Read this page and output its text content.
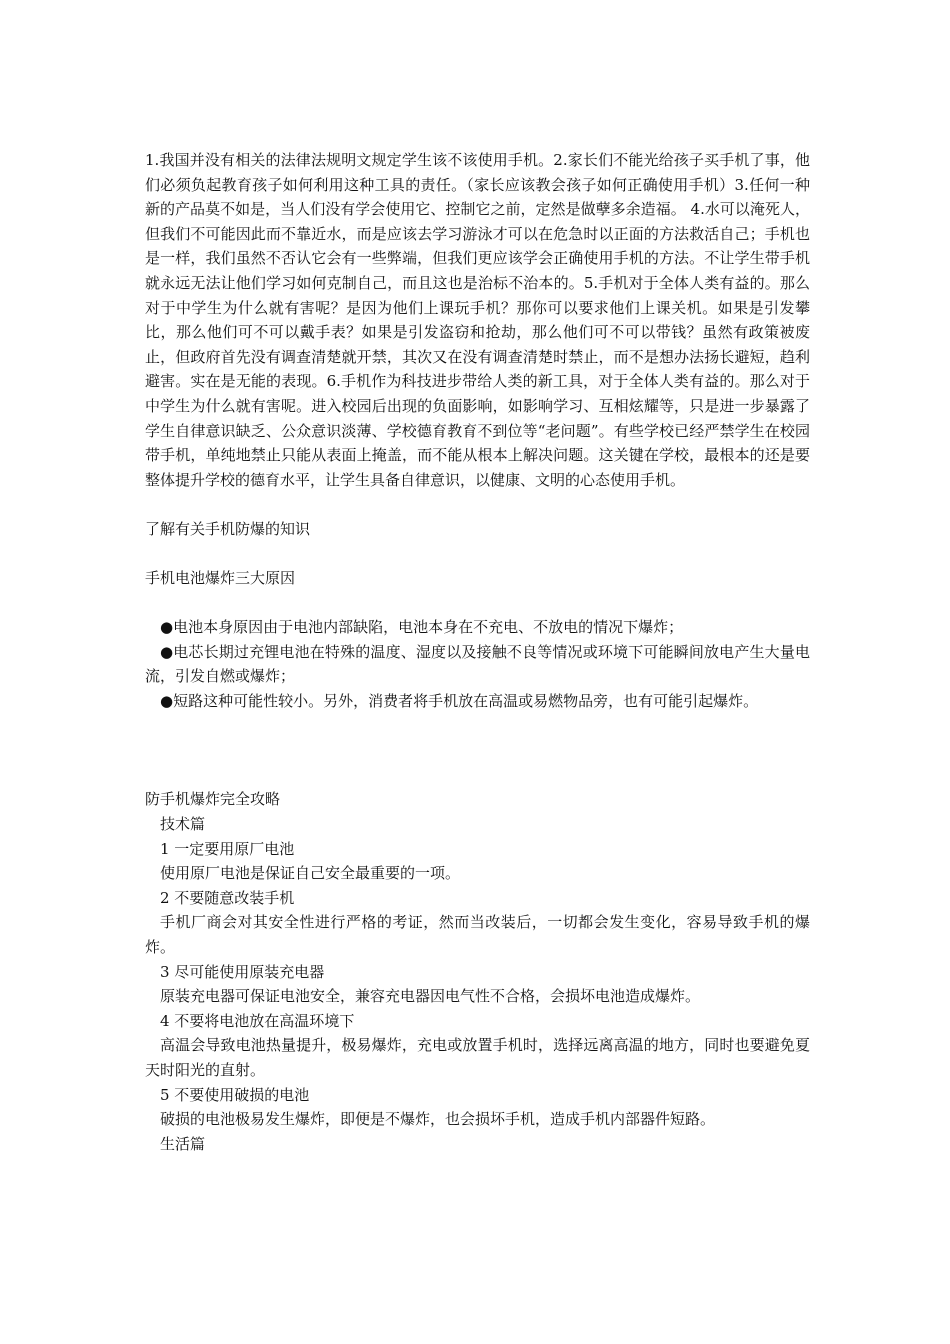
1.我国并没有相关的法律法规明文规定学生该不该使用手机。2.家长们不能光给孩子买手机了事，他们必须负起教育孩子如何利用这种工具的责任。（家长应该教会孩子如何正确使用手机）3.任何一种新的产品莫不如是，当人们没有学会使用它、控制它之前，定然是做孽多余造福。 4.水可以淹死人，但我们不可能因此而不靠近水，而是应该去学习游泳才可以在危急时以正面的方法救活自己；手机也是一样，我们虽然不否认它会有一些弊端，但我们更应该学会正确使用手机的方法。不让学生带手机就永远无法让他们学习如何克制自己，而且这也是治标不治本的。5.手机对于全体人类有益的。那么对于中学生为什么就有害呢？是因为他们上课玩手机？那你可以要求他们上课关机。如果是引发攀比，那么他们可不可以戴手表？如果是引发盗窃和抢劫，那么他们可不可以带钱？虽然有政策被废止，但政府首先没有调查清楚就开禁，其次又在没有调查清楚时禁止，而不是想办法扬长避短，趋利避害。实在是无能的表现。6.手机作为科技进步带给人类的新工具，对于全体人类有益的。那么对于中学生为什么就有害呢。进入校园后出现的负面影响，如影响学习、互相炫耀等，只是进一步暴露了学生自律意识缺乏、公众意识淡薄、学校德育教育不到位等“老问题”。有些学校已经严禁学生在校园带手机，单纯地禁止只能从表面上掩盖，而不能从根本上解决问题。这关键在学校，最根本的还是要整体提升学校的德育水平，让学生具备自律意识，以健康、文明的心态使用手机。

了解有关手机防爆的知识

手机电池爆炸三大原因

●电池本身原因由于电池内部缺陷，电池本身在不充电、不放电的情况下爆炸；
●电芯长期过充锂电池在特殊的温度、湿度以及接触不良等情况或环境下可能瞬间放电产生大量电流，引发自燃或爆炸；
●短路这种可能性较小。另外，消费者将手机放在高温或易燃物品旁，也有可能引起爆炸。

防手机爆炸完全攻略

技术篇

1 一定要用原厂电池

使用原厂电池是保证自己安全最重要的一项。

2 不要随意改装手机

手机厂商会对其安全性进行严格的考证，然而当改装后，一切都会发生变化，容易导致手机的爆炸。

3 尽可能使用原装充电器

原装充电器可保证电池安全，兼容充电器因电气性不合格，会损坏电池造成爆炸。

4 不要将电池放在高温环境下

高温会导致电池热量提升，极易爆炸，充电或放置手机时，选择远离高温的地方，同时也要避免夏天时阳光的直射。

5 不要使用破损的电池

破损的电池极易发生爆炸，即便是不爆炸，也会损坏手机，造成手机内部器件短路。

生活篇
